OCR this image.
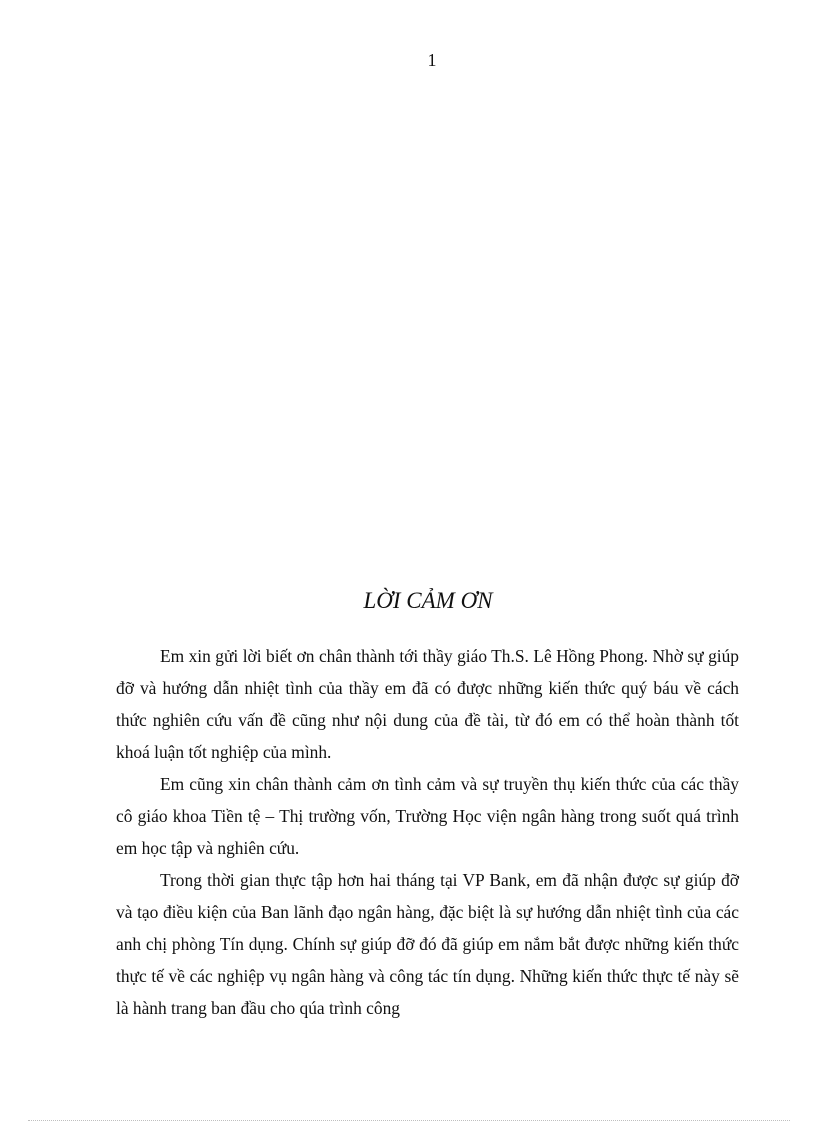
1
LỜI CẢM ƠN

Em xin gửi lời biết ơn chân thành tới thầy giáo Th.S. Lê Hồng Phong. Nhờ sự giúp đỡ và hướng dẫn nhiệt tình của thầy em đã có được những kiến thức quý báu về cách thức nghiên cứu vấn đề cũng như nội dung của đề tài, từ đó em có thể hoàn thành tốt khoá luận tốt nghiệp của mình.

Em cũng xin chân thành cảm ơn tình cảm và sự truyền thụ kiến thức của các thầy cô giáo khoa Tiền tệ – Thị trường vốn, Trường Học viện ngân hàng trong suốt quá trình em học tập và nghiên cứu.

Trong thời gian thực tập hơn hai tháng tại VP Bank, em đã nhận được sự giúp đỡ và tạo điều kiện của Ban lãnh đạo ngân hàng, đặc biệt là sự hướng dẫn nhiệt tình của các anh chị phòng Tín dụng. Chính sự giúp đỡ đó đã giúp em nắm bắt được những kiến thức thực tế về các nghiệp vụ ngân hàng và công tác tín dụng. Những kiến thức thực tế này sẽ là hành trang ban đầu cho qúa trình công
